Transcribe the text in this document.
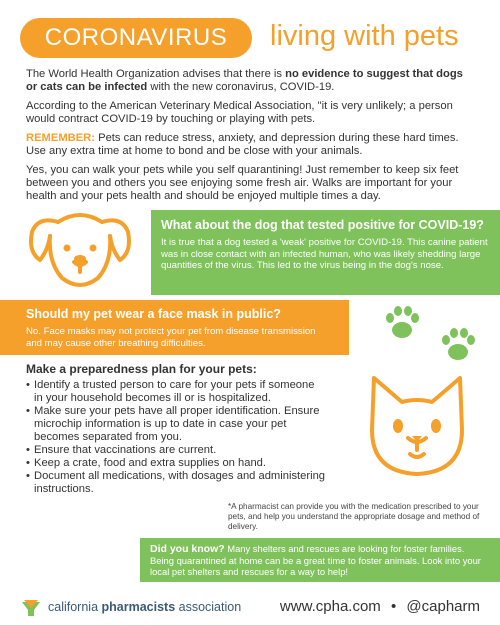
CORONAVIRUS	living with pets

The World Health Organization advises that there is no evidence to suggest that dogs or cats can be infected with the new coronavirus, COVID-19.

According to the American Veterinary Medical Association, "it is very unlikely; a person would contract COVID-19 by touching or playing with pets.

REMEMBER: Pets can reduce stress, anxiety, and depression during these hard times. Use any extra time at home to bond and be close with your animals.

Yes, you can walk your pets while you self quarantining! Just remember to keep six feet between you and others you see enjoying some fresh air. Walks are important for your health and your pets health and should be enjoyed multiple times a day.

What about the dog that tested positive for COVID-19?
It is true that a dog tested a 'weak' positive for COVID-19. This canine patient was in close contact with an infected human, who was likely shedding large quantities of the virus. This led to the virus being in the dog's nose.
Should my pet wear a face mask in public?
No. Face masks may not protect your pet from disease transmission and may cause other breathing difficulties.
Make a preparedness plan for your pets:
• Identify a trusted person to care for your pets if someone in your household becomes ill or is hospitalized.
• Make sure your pets have all proper identification. Ensure microchip information is up to date in case your pet becomes separated from you.
• Ensure that vaccinations are current.
• Keep a crate, food and extra supplies on hand.
• Document all medications, with dosages and administering instructions.
*A pharmacist can provide you with the medication prescribed to your pets, and help you understand the appropriate dosage and method of delivery.
Did you know? Many shelters and rescues are looking for foster families. Being quarantined at home can be a great time to foster animals. Look into your local pet shelters and rescues for a way to help!
california pharmacists association	www.cpha.com • @capharm
